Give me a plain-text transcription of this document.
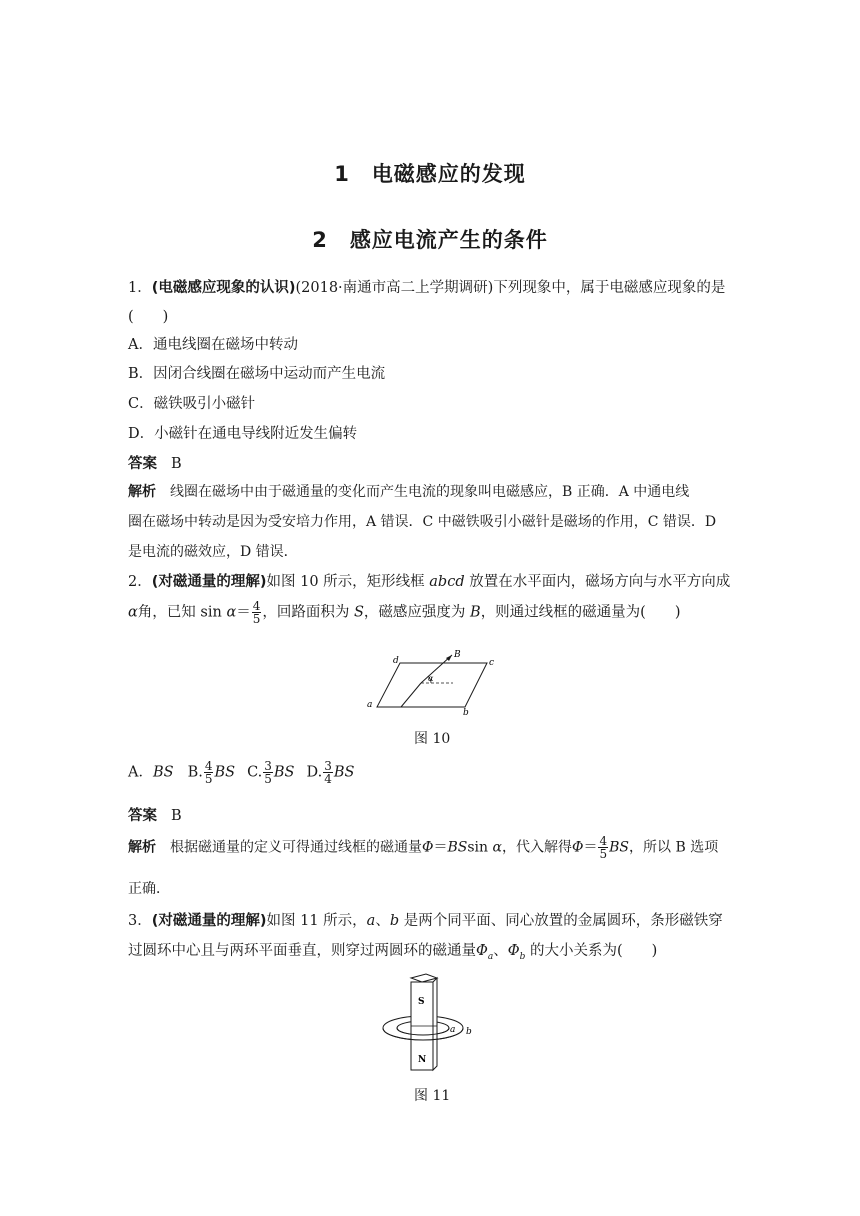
1 电磁感应的发现
2 感应电流产生的条件
1．(电磁感应现象的认识)(2018·南通市高二上学期调研)下列现象中，属于电磁感应现象的是
(　　)
A．通电线圈在磁场中转动
B．因闭合线圈在磁场中运动而产生电流
C．磁铁吸引小磁针
D．小磁针在通电导线附近发生偏转
答案 B
解析 线圈在磁场中由于磁通量的变化而产生电流的现象叫电磁感应，B 正确．A 中通电线
圈在磁场中转动是因为受安培力作用，A 错误．C 中磁铁吸引小磁针是磁场的作用，C 错误．D
是电流的磁效应，D 错误．
2．(对磁通量的理解)如图 10 所示，矩形线框 abcd 放置在水平面内，磁场方向与水平方向成
α角，已知 $\sin \alpha= \frac{4}{5}$ ，回路面积为 S，磁感应强度为 B，则通过线框的磁通量为(　　)
d	c
a
b
B
α
图 10
A．BS B. $\frac{4}{5}$ BS C. $\frac{3}{5}$ BS D. $\frac{3}{4}$ BS
答案 B
解析 根据磁通量的定义可得通过线框的磁通量Φ＝BSsin α，代入解得$\Phi= \frac{4}{5}$ BS，所以 B 选项
正确．
3．(对磁通量的理解)如图 11 所示，a、b 是两个同平面、同心放置的金属圆环，条形磁铁穿
过圆环中心且与两环平面垂直，则穿过两圆环的磁通量$\Phi_a$、$\Phi_b$ 的大小关系为(　　)
S
N
a b
图 11
